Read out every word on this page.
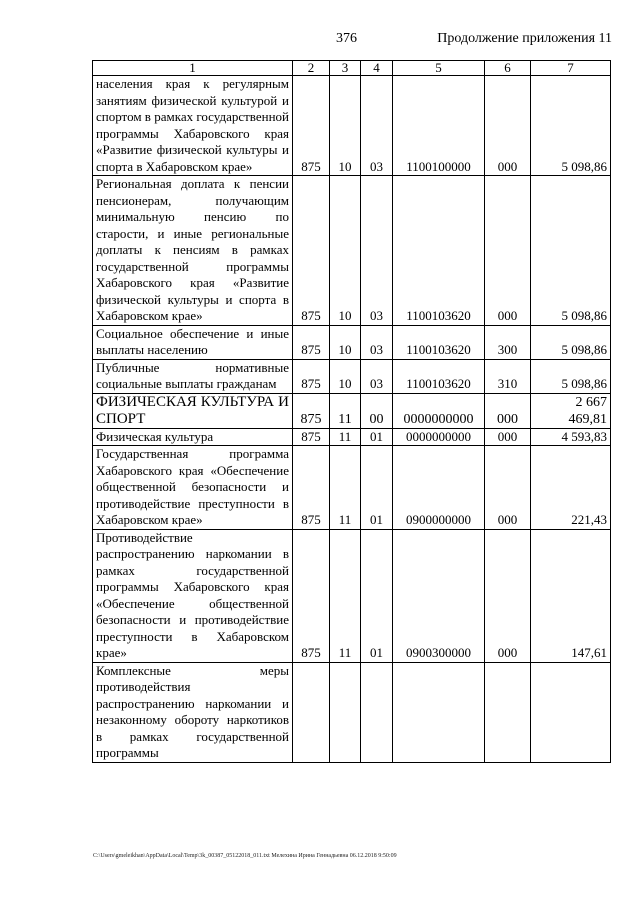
376	Продолжение приложения 11
1	2	3	4	5	6	7
населения края к регулярным занятиям физической культурой и спортом в рамках государственной программы Хабаровского края «Развитие физической культуры и спорта в Хабаровском крае»	875	10	03	1100100000	000	5 098,86
Региональная доплата к пенсии пенсионерам, получающим минимальную пенсию по старости, и иные региональные доплаты к пенсиям в рамках государственной программы Хабаровского края «Развитие физической культуры и спорта в Хабаровском крае»	875	10	03	1100103620	000	5 098,86
Социальное обеспечение и иные выплаты населению	875	10	03	1100103620	300	5 098,86
Публичные нормативные социальные выплаты гражданам	875	10	03	1100103620	310	5 098,86
ФИЗИЧЕСКАЯ КУЛЬТУРА И СПОРТ	875	11	00	0000000000	000	2 667 469,81
Физическая культура	875	11	01	0000000000	000	4 593,83
Государственная программа Хабаровского края «Обеспечение общественной безопасности и противодействие преступности в Хабаровском крае»	875	11	01	0900000000	000	221,43
Противодействие распространению наркомании в рамках государственной программы Хабаровского края «Обеспечение общественной безопасности и противодействие преступности в Хабаровском крае»	875	11	01	0900300000	000	147,61
Комплексные меры противодействия распространению наркомании и незаконному обороту наркотиков в рамках государственной программы						
C:\Users\gmeleikhan\AppData\Local\Temp\3k_00387_05122018_011.txt Мелехина Ирина Геннадьевна 06.12.2018 9:50:09
